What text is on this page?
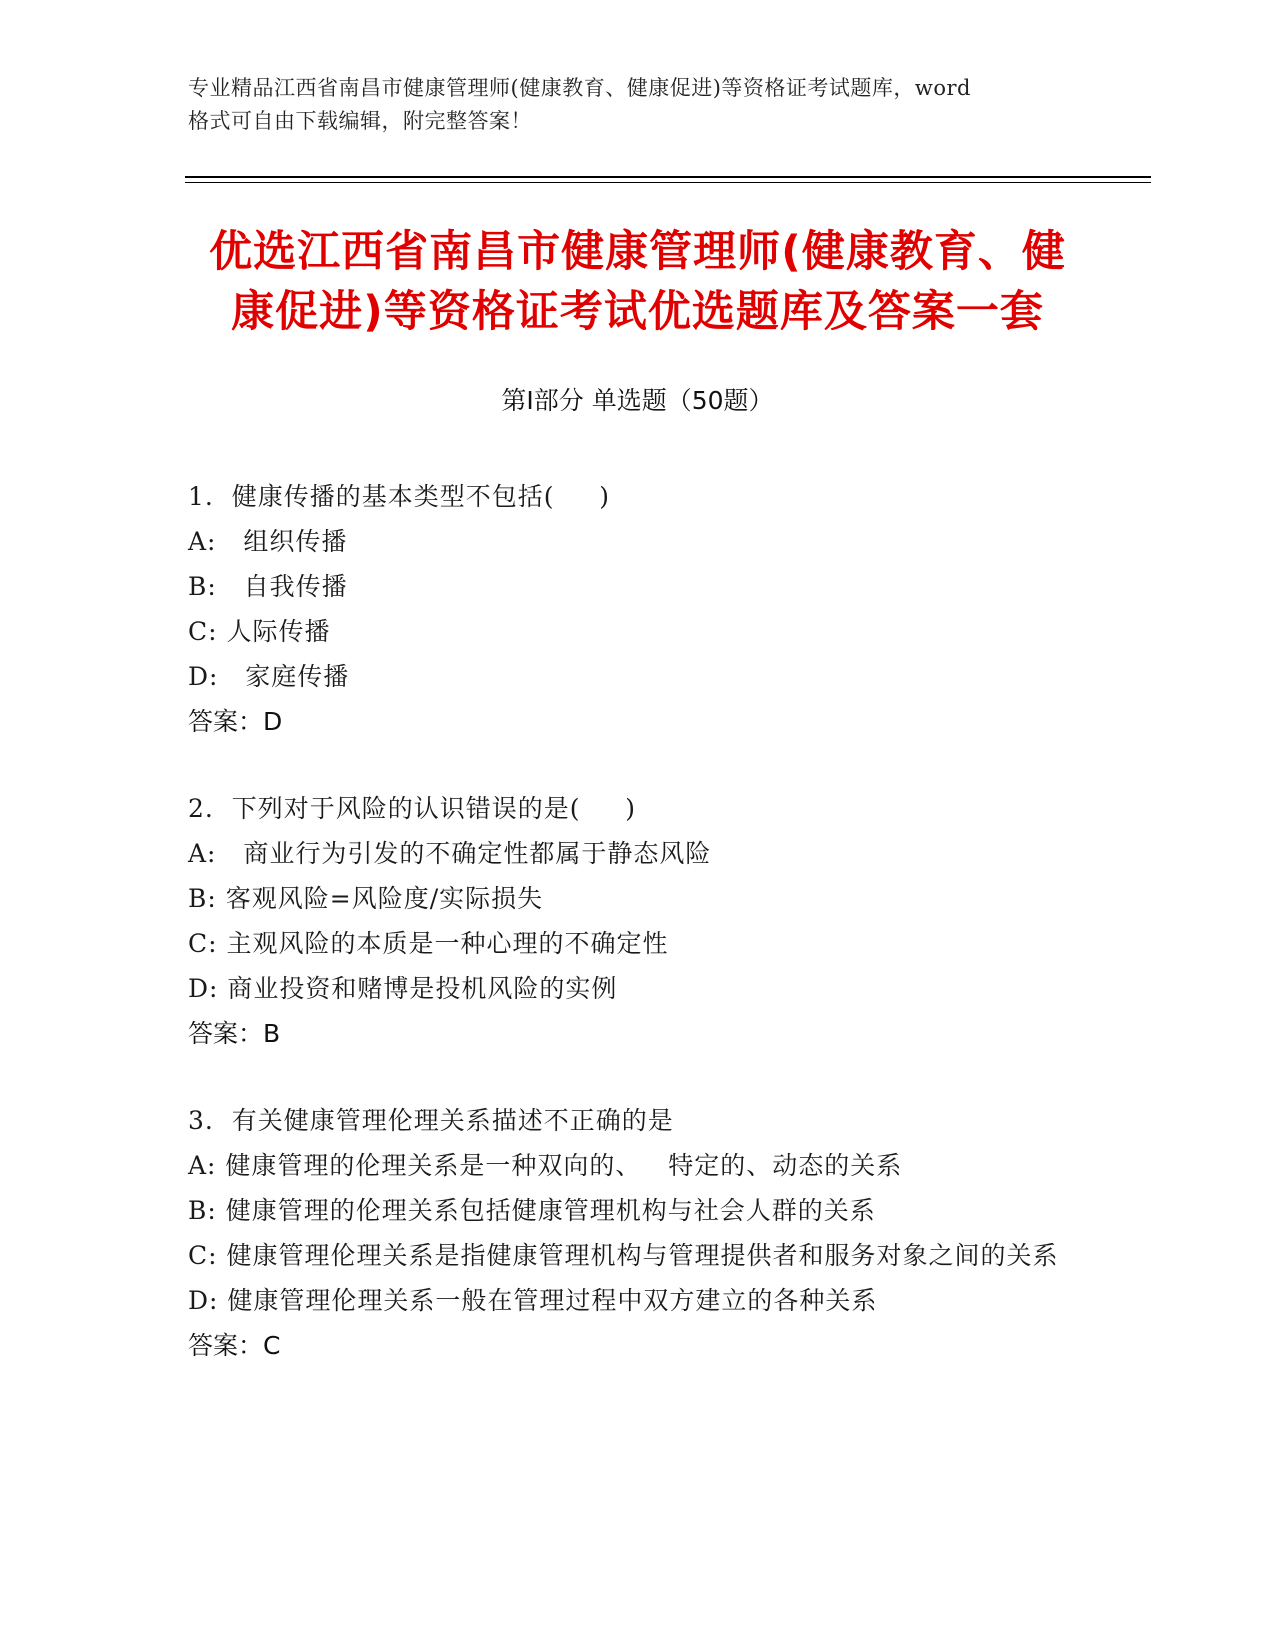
专业精品江西省南昌市健康管理师(健康教育、健康促进)等资格证考试题库，word
格式可自由下载编辑，附完整答案！
优选江西省南昌市健康管理师(健康教育、健
康促进)等资格证考试优选题库及答案一套
第Ⅰ部分 单选题（50题）
1.  健康传播的基本类型不包括(     )
A:   组织传播
B:   自我传播
C: 人际传播
D:   家庭传播
答案：D
2.  下列对于风险的认识错误的是(     )
A:   商业行为引发的不确定性都属于静态风险
B: 客观风险=风险度/实际损失
C: 主观风险的本质是一种心理的不确定性
D: 商业投资和赌博是投机风险的实例
答案：B
3.  有关健康管理伦理关系描述不正确的是
A: 健康管理的伦理关系是一种双向的、   特定的、动态的关系
B: 健康管理的伦理关系包括健康管理机构与社会人群的关系
C: 健康管理伦理关系是指健康管理机构与管理提供者和服务对象之间的关系
D: 健康管理伦理关系一般在管理过程中双方建立的各种关系
答案：C
